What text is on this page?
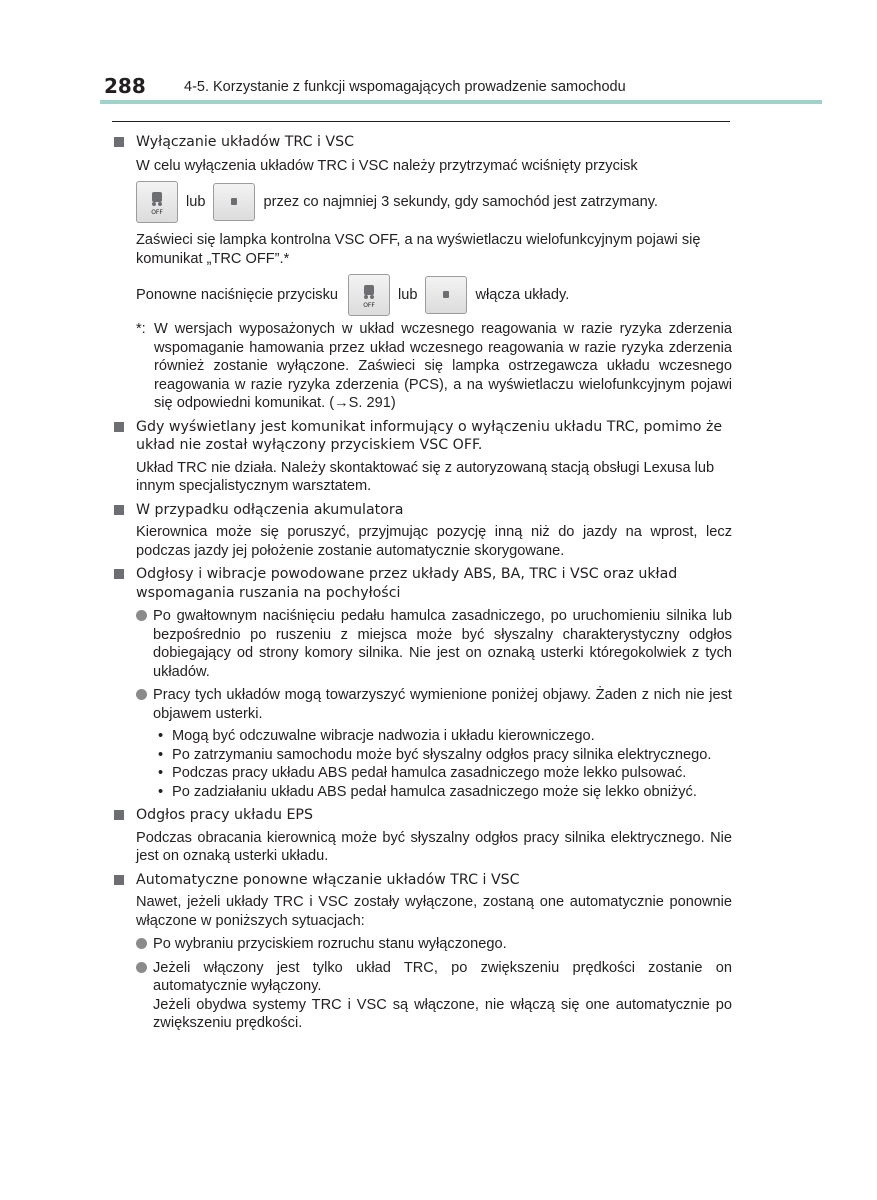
288	4-5. Korzystanie z funkcji wspomagających prowadzenie samochodu
Wyłączanie układów TRC i VSC
W celu wyłączenia układów TRC i VSC należy przytrzymać wciśnięty przycisk
OFF
lub	przez co najmniej 3 sekundy, gdy samochód jest zatrzymany.
Zaświeci się lampka kontrolna VSC OFF, a na wyświetlaczu wielofunkcyjnym pojawi się komunikat „TRC OFF”.*
Ponowne naciśnięcie przycisku
OFF
lub	włącza układy.
*: W wersjach wyposażonych w układ wczesnego reagowania w razie ryzyka zderzenia wspomaganie hamowania przez układ wczesnego reagowania w razie ryzyka zderzenia również zostanie wyłączone. Zaświeci się lampka ostrzegawcza układu wczesnego reagowania w razie ryzyka zderzenia (PCS), a na wyświetlaczu wielofunkcyjnym pojawi się odpowiedni komunikat. (→S. 291)
Gdy wyświetlany jest komunikat informujący o wyłączeniu układu TRC, pomimo że układ nie został wyłączony przyciskiem VSC OFF.
Układ TRC nie działa. Należy skontaktować się z autoryzowaną stacją obsługi Lexusa lub innym specjalistycznym warsztatem.
W przypadku odłączenia akumulatora
Kierownica może się poruszyć, przyjmując pozycję inną niż do jazdy na wprost, lecz podczas jazdy jej położenie zostanie automatycznie skorygowane.
Odgłosy i wibracje powodowane przez układy ABS, BA, TRC i VSC oraz układ wspomagania ruszania na pochyłości
Po gwałtownym naciśnięciu pedału hamulca zasadniczego, po uruchomieniu silnika lub bezpośrednio po ruszeniu z miejsca może być słyszalny charakterystyczny odgłos dobiegający od strony komory silnika. Nie jest on oznaką usterki któregokolwiek z tych układów.
Pracy tych układów mogą towarzyszyć wymienione poniżej objawy. Żaden z nich nie jest objawem usterki.
• Mogą być odczuwalne wibracje nadwozia i układu kierowniczego.
• Po zatrzymaniu samochodu może być słyszalny odgłos pracy silnika elektrycznego.
• Podczas pracy układu ABS pedał hamulca zasadniczego może lekko pulsować.
• Po zadziałaniu układu ABS pedał hamulca zasadniczego może się lekko obniżyć.
Odgłos pracy układu EPS
Podczas obracania kierownicą może być słyszalny odgłos pracy silnika elektrycznego. Nie jest on oznaką usterki układu.
Automatyczne ponowne włączanie układów TRC i VSC
Nawet, jeżeli układy TRC i VSC zostały wyłączone, zostaną one automatycznie ponownie włączone w poniższych sytuacjach:
Po wybraniu przyciskiem rozruchu stanu wyłączonego.
Jeżeli włączony jest tylko układ TRC, po zwiększeniu prędkości zostanie on automatycznie wyłączony.
Jeżeli obydwa systemy TRC i VSC są włączone, nie włączą się one automatycznie po zwiększeniu prędkości.
